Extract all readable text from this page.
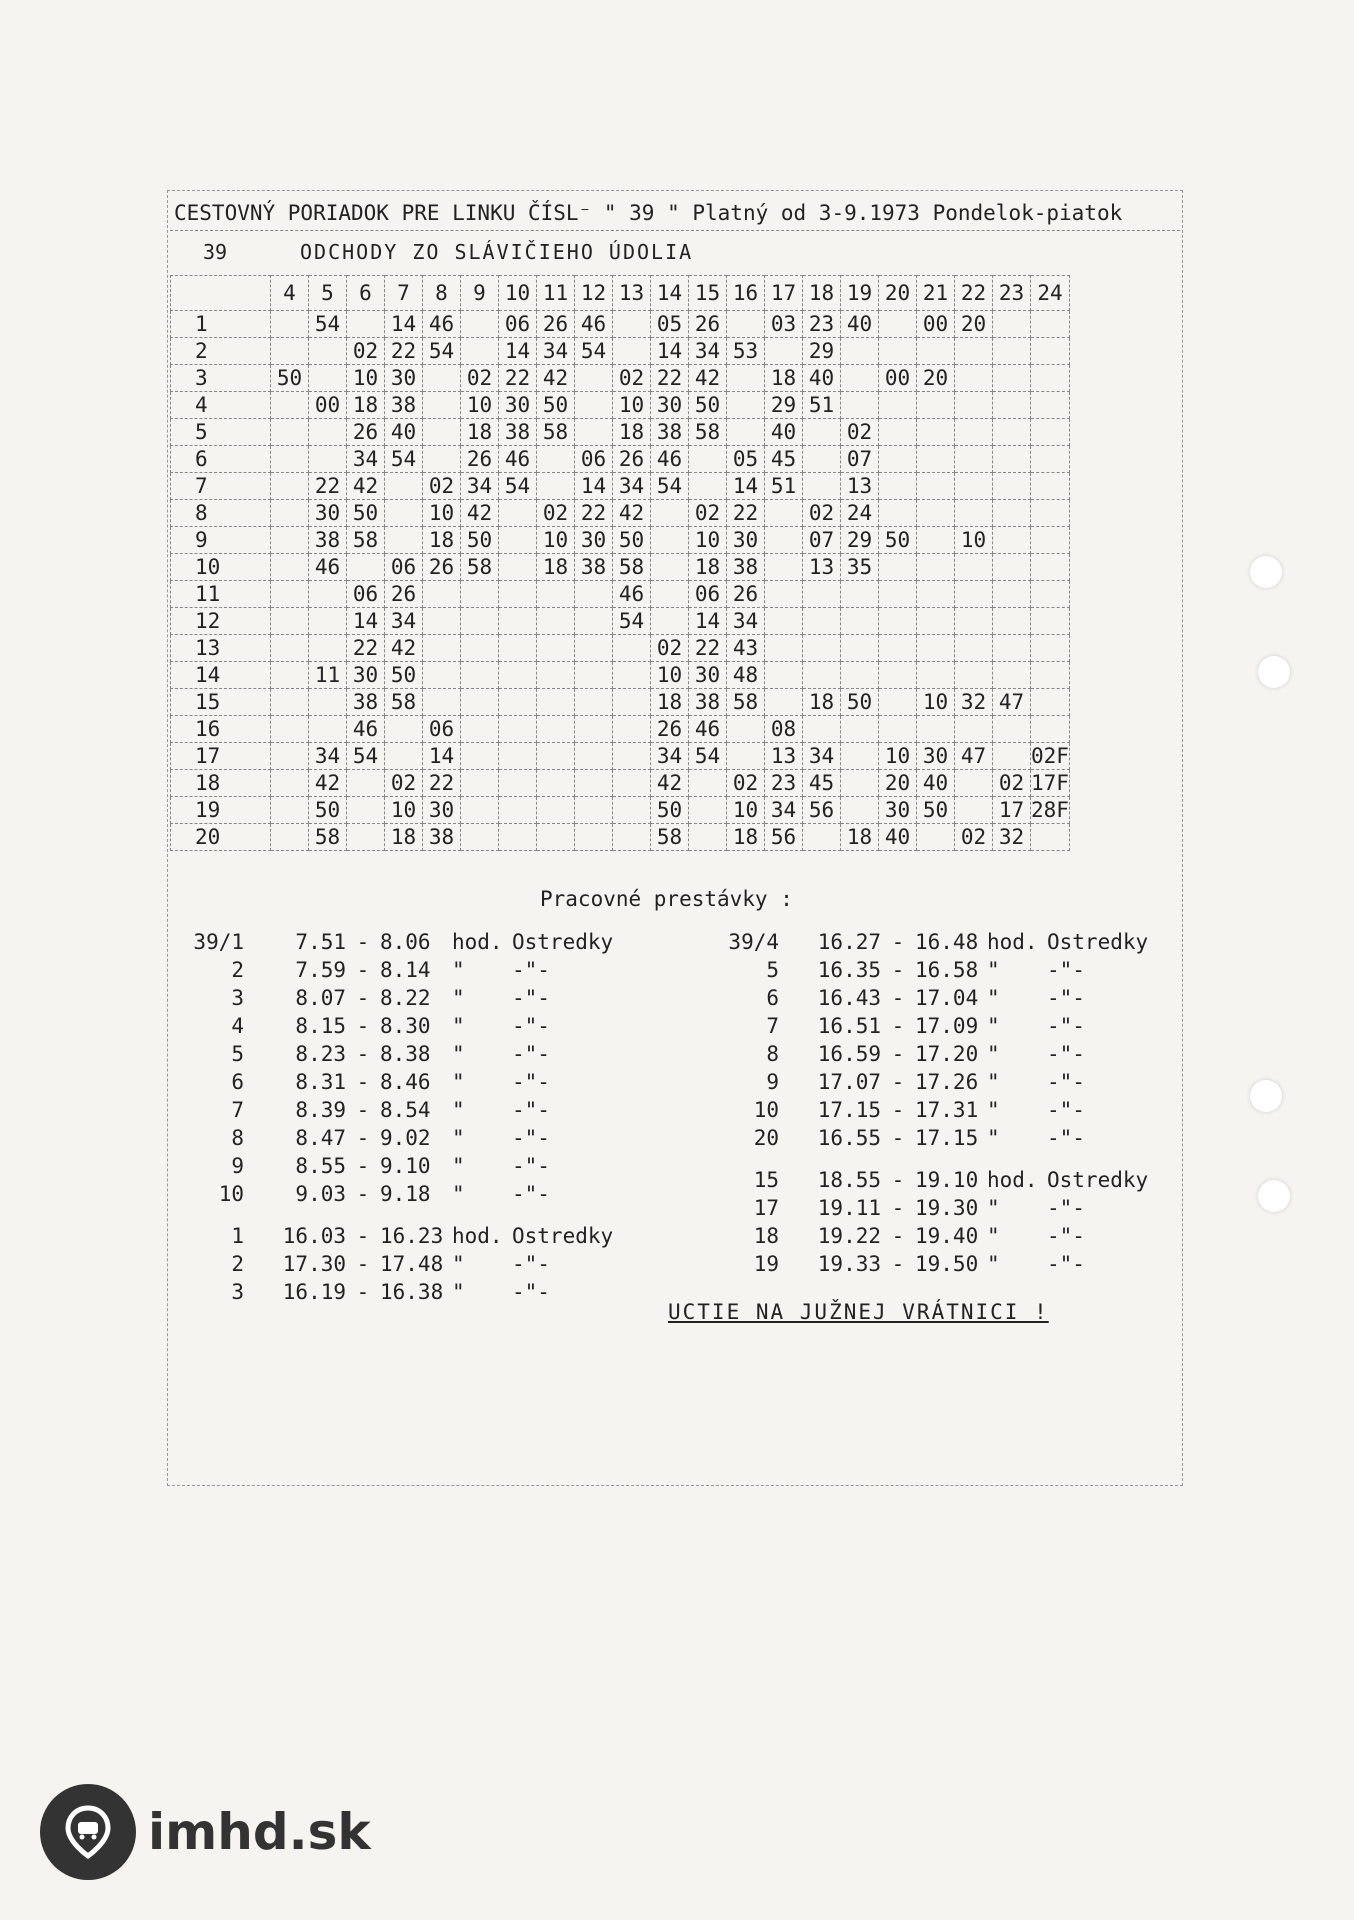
CESTOVNÝ PORIADOK PRE LINKU ČÍSL⁻ " 39 " Platný od 3-9.1973 Pondelok-piatok
39	ODCHODY ZO SLÁVIČIEHO ÚDOLIA
	4	5	6	7	8	9	10	11	12	13	14	15	16	17	18	19	20	21	22	23	24
1		54		14	46		06	26	46		05	26		03	23	40		00	20		
2			02	22	54		14	34	54		14	34	53		29						
3	50		10	30		02	22	42		02	22	42		18	40		00	20			
4		00	18	38		10	30	50		10	30	50		29	51						
5			26	40		18	38	58		18	38	58		40		02					
6			34	54		26	46		06	26	46		05	45		07					
7		22	42		02	34	54		14	34	54		14	51		13					
8		30	50		10	42		02	22	42		02	22		02	24					
9		38	58		18	50		10	30	50		10	30		07	29	50		10		
10		46		06	26	58		18	38	58		18	38		13	35					
11			06	26						46		06	26								
12			14	34						54		14	34								
13			22	42							02	22	43								
14		11	30	50							10	30	48								
15			38	58							18	38	58		18	50		10	32	47	
16			46		06						26	46		08							
17		34	54		14						34	54		13	34		10	30	47		02F
18		42		02	22						42		02	23	45		20	40		02	17F
19		50		10	30						50		10	34	56		30	50		17	28F
20		58		18	38						58		18	56		18	40		02	32	
Pracovné prestávky :
39/1	7.51 - 8.06	hod. Ostredky
2	7.59 - 8.14	"	-"-
3	8.07 - 8.22	"	-"-
4	8.15 - 8.30	"	-"-
5	8.23 - 8.38	"	-"-
6	8.31 - 8.46	"	-"-
7	8.39 - 8.54	"	-"-
8	8.47 - 9.02	"	-"-
9	8.55 - 9.10	"	-"-
10	9.03 - 9.18	"	-"-
1	16.03 - 16.23 hod. Ostredky
2	17.30 - 17.48 "	-"-
3	16.19 - 16.38 "	-"-
39/4	16.27 - 16.48 hod. Ostredky
5	16.35 - 16.58 "	-"-
6	16.43 - 17.04 "	-"-
7	16.51 - 17.09 "	-"-
8	16.59 - 17.20 "	-"-
9	17.07 - 17.26 "	-"-
10	17.15 - 17.31 "	-"-
20	16.55 - 17.15 "	-"-
15	18.55 - 19.10 hod. Ostredky
17	19.11 - 19.30 "	-"-
18	19.22 - 19.40 "	-"-
19	19.33 - 19.50 "	-"-
UCTIE NA JUŽNEJ VRÁTNICI !
imhd.sk
